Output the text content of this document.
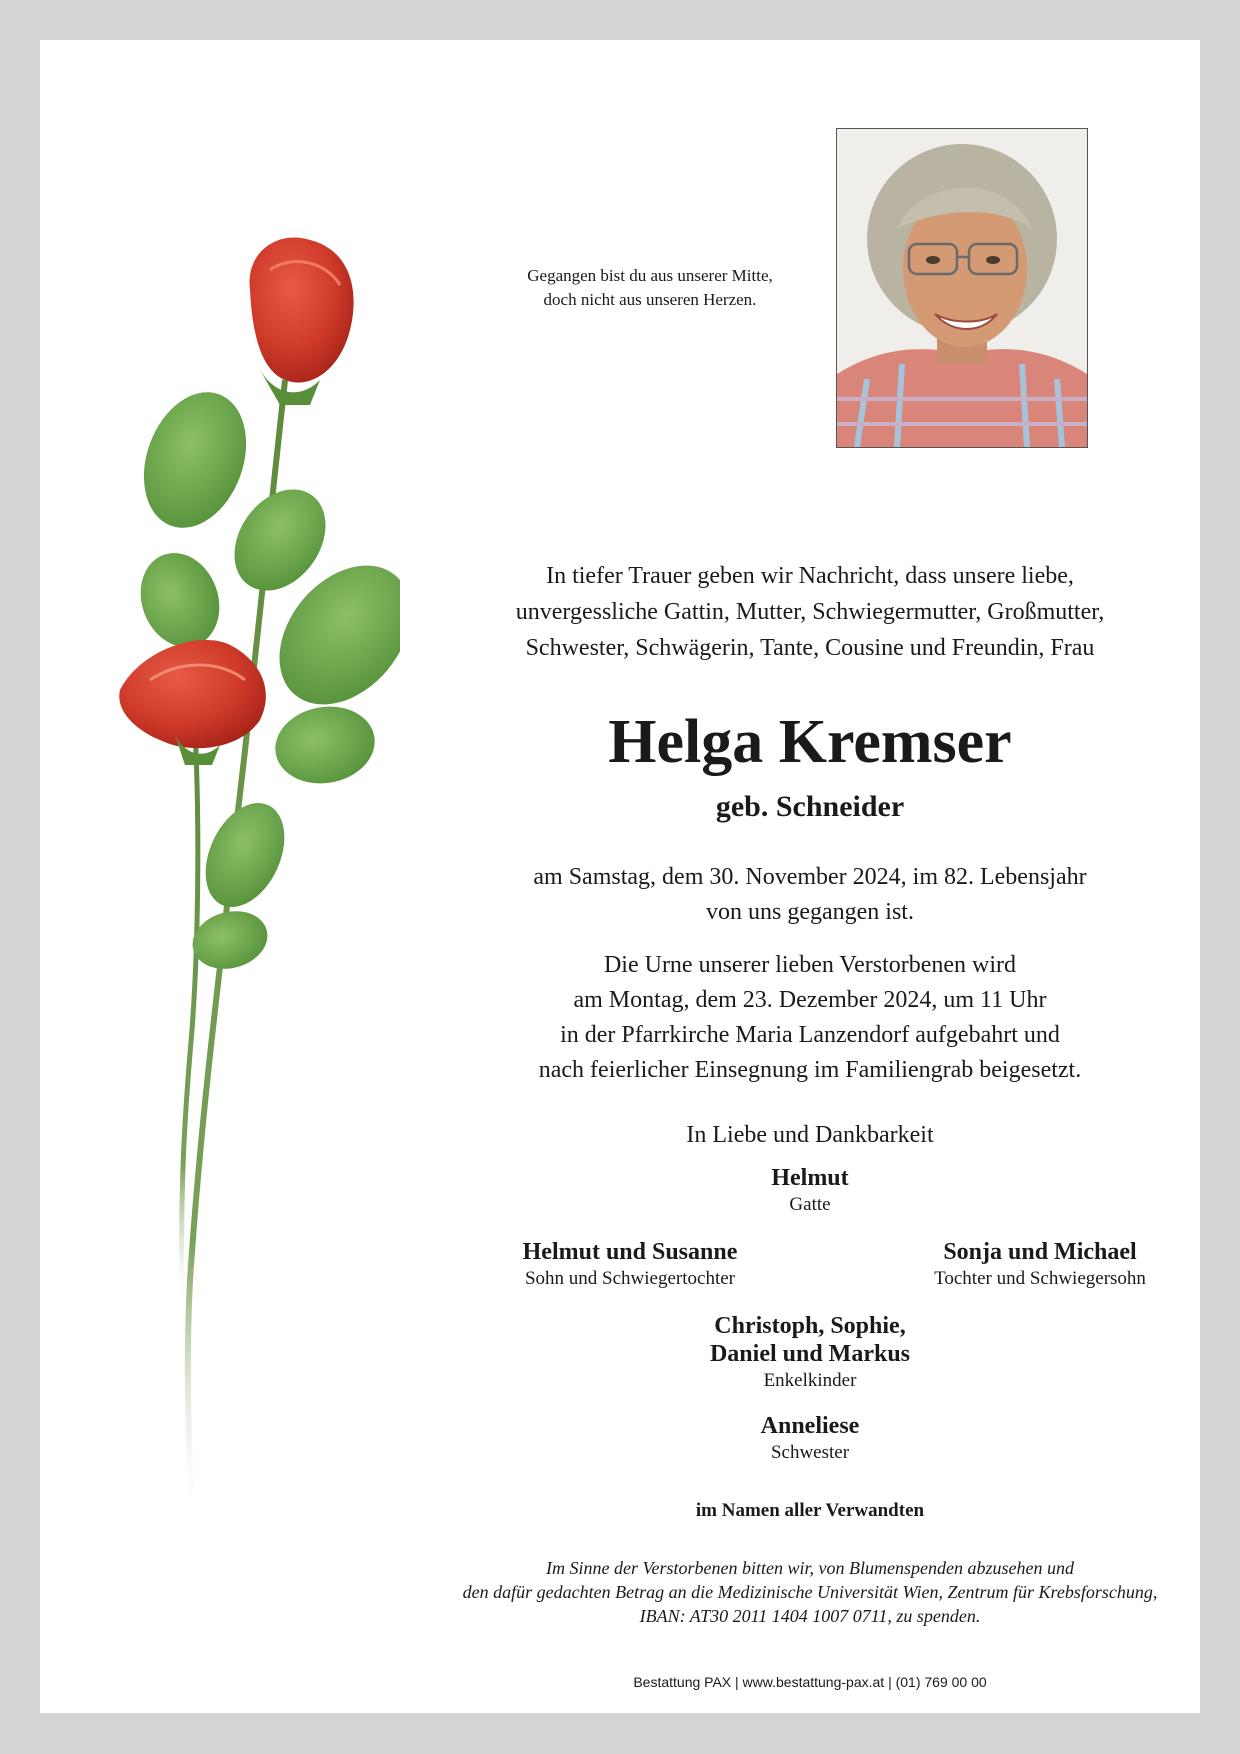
Gegangen bist du aus unserer Mitte,
doch nicht aus unseren Herzen.
In tiefer Trauer geben wir Nachricht, dass unsere liebe,
unvergessliche Gattin, Mutter, Schwiegermutter, Großmutter,
Schwester, Schwägerin, Tante, Cousine und Freundin, Frau
Helga Kremser
geb. Schneider
am Samstag, dem 30. November 2024, im 82. Lebensjahr
von uns gegangen ist.
Die Urne unserer lieben Verstorbenen wird
am Montag, dem 23. Dezember 2024, um 11 Uhr
in der Pfarrkirche Maria Lanzendorf aufgebahrt und
nach feierlicher Einsegnung im Familiengrab beigesetzt.
In Liebe und Dankbarkeit
Helmut
Gatte
Helmut und Susanne
Sohn und Schwiegertochter
Sonja und Michael
Tochter und Schwiegersohn
Christoph, Sophie,
Daniel und Markus
Enkelkinder
Anneliese
Schwester
im Namen aller Verwandten
Im Sinne der Verstorbenen bitten wir, von Blumenspenden abzusehen und
den dafür gedachten Betrag an die Medizinische Universität Wien, Zentrum für Krebsforschung,
IBAN: AT30 2011 1404 1007 0711, zu spenden.
Bestattung PAX | www.bestattung-pax.at | (01) 769 00 00
